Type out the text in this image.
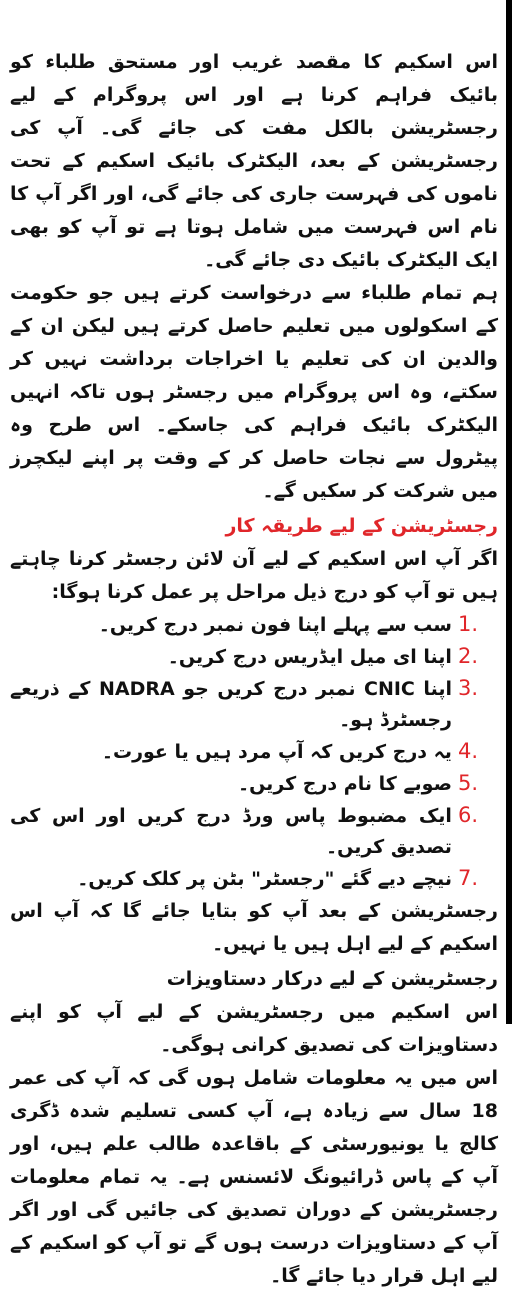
اس اسکیم کا مقصد غریب اور مستحق طلباء کو بائیک فراہم کرنا ہے اور اس پروگرام کے لیے رجسٹریشن بالکل مفت کی جائے گی۔ آپ کی رجسٹریشن کے بعد، الیکٹرک بائیک اسکیم کے تحت ناموں کی فہرست جاری کی جائے گی، اور اگر آپ کا نام اس فہرست میں شامل ہوتا ہے تو آپ کو بھی ایک الیکٹرک بائیک دی جائے گی۔

ہم تمام طلباء سے درخواست کرتے ہیں جو حکومت کے اسکولوں میں تعلیم حاصل کرتے ہیں لیکن ان کے والدین ان کی تعلیم یا اخراجات برداشت نہیں کر سکتے، وہ اس پروگرام میں رجسٹر ہوں تاکہ انہیں الیکٹرک بائیک فراہم کی جاسکے۔ اس طرح وہ پیٹرول سے نجات حاصل کر کے وقت پر اپنے لیکچرز میں شرکت کر سکیں گے۔

رجسٹریشن کے لیے طریقہ کار

اگر آپ اس اسکیم کے لیے آن لائن رجسٹر کرنا چاہتے ہیں تو آپ کو درج ذیل مراحل پر عمل کرنا ہوگا:

1.
سب سے پہلے اپنا فون نمبر درج کریں۔
2.
اپنا ای میل ایڈریس درج کریں۔
3.
اپنا CNIC نمبر درج کریں جو NADRA کے ذریعے رجسٹرڈ ہو۔
4.
یہ درج کریں کہ آپ مرد ہیں یا عورت۔
5.
صوبے کا نام درج کریں۔
6.
ایک مضبوط پاس ورڈ درج کریں اور اس کی تصدیق کریں۔
7.
نیچے دیے گئے "رجسٹر" بٹن پر کلک کریں۔

رجسٹریشن کے بعد آپ کو بتایا جائے گا کہ آپ اس اسکیم کے لیے اہل ہیں یا نہیں۔

رجسٹریشن کے لیے درکار دستاویزات

اس اسکیم میں رجسٹریشن کے لیے آپ کو اپنے دستاویزات کی تصدیق کرانی ہوگی۔

اس میں یہ معلومات شامل ہوں گی کہ آپ کی عمر 18 سال سے زیادہ ہے، آپ کسی تسلیم شدہ ڈگری کالج یا یونیورسٹی کے باقاعدہ طالب علم ہیں، اور آپ کے پاس ڈرائیونگ لائسنس ہے۔ یہ تمام معلومات رجسٹریشن کے دوران تصدیق کی جائیں گی اور اگر آپ کے دستاویزات درست ہوں گے تو آپ کو اسکیم کے لیے اہل قرار دیا جائے گا۔
